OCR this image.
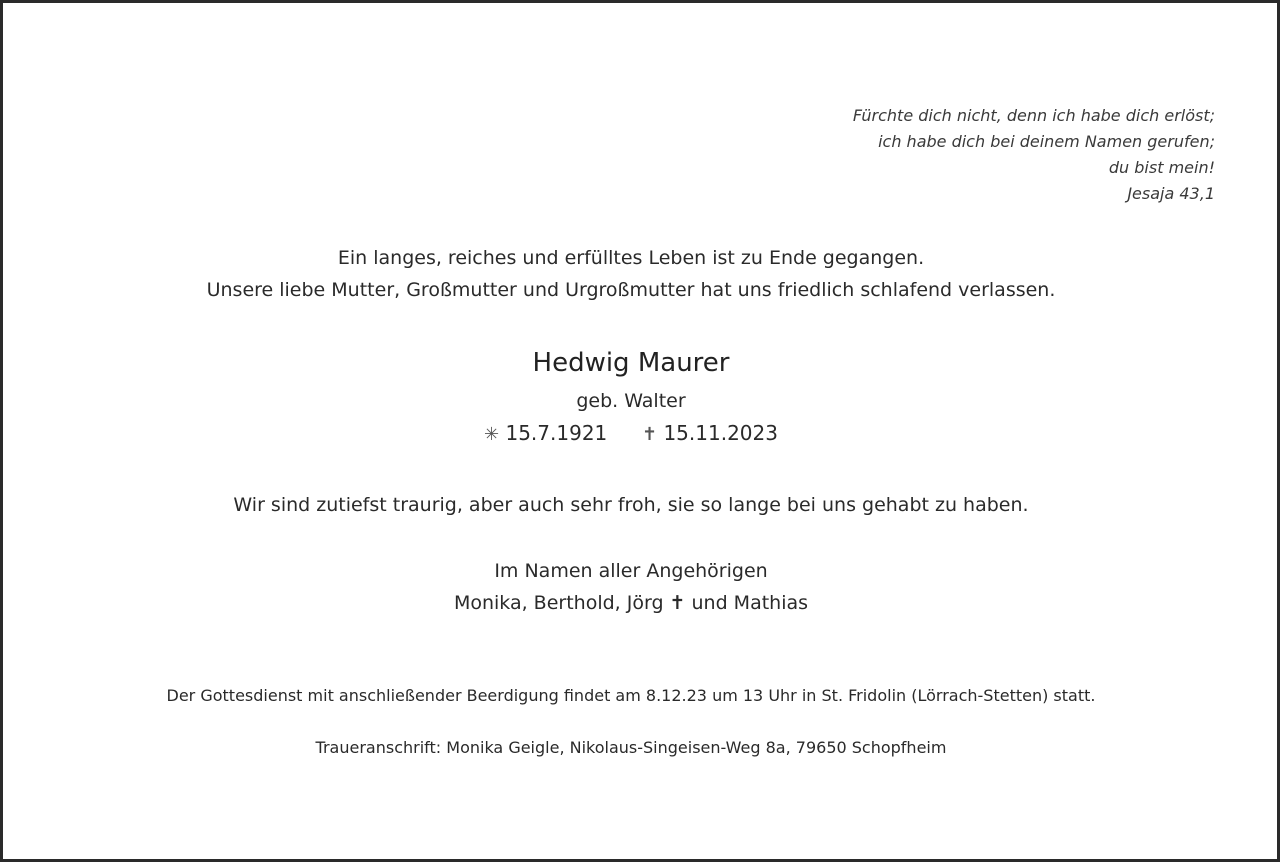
Fürchte dich nicht, denn ich habe dich erlöst;
ich habe dich bei deinem Namen gerufen;
du bist mein!
Jesaja 43,1
Ein langes, reiches und erfülltes Leben ist zu Ende gegangen.
Unsere liebe Mutter, Großmutter und Urgroßmutter hat uns friedlich schlafend verlassen.
Hedwig Maurer
geb. Walter
✳ 15.7.1921 ✝ 15.11.2023
Wir sind zutiefst traurig, aber auch sehr froh, sie so lange bei uns gehabt zu haben.
Im Namen aller Angehörigen
Monika, Berthold, Jörg ✝ und Mathias
Der Gottesdienst mit anschließender Beerdigung findet am 8.12.23 um 13 Uhr in St. Fridolin (Lörrach-Stetten) statt.
Traueranschrift: Monika Geigle, Nikolaus-Singeisen-Weg 8a, 79650 Schopfheim
